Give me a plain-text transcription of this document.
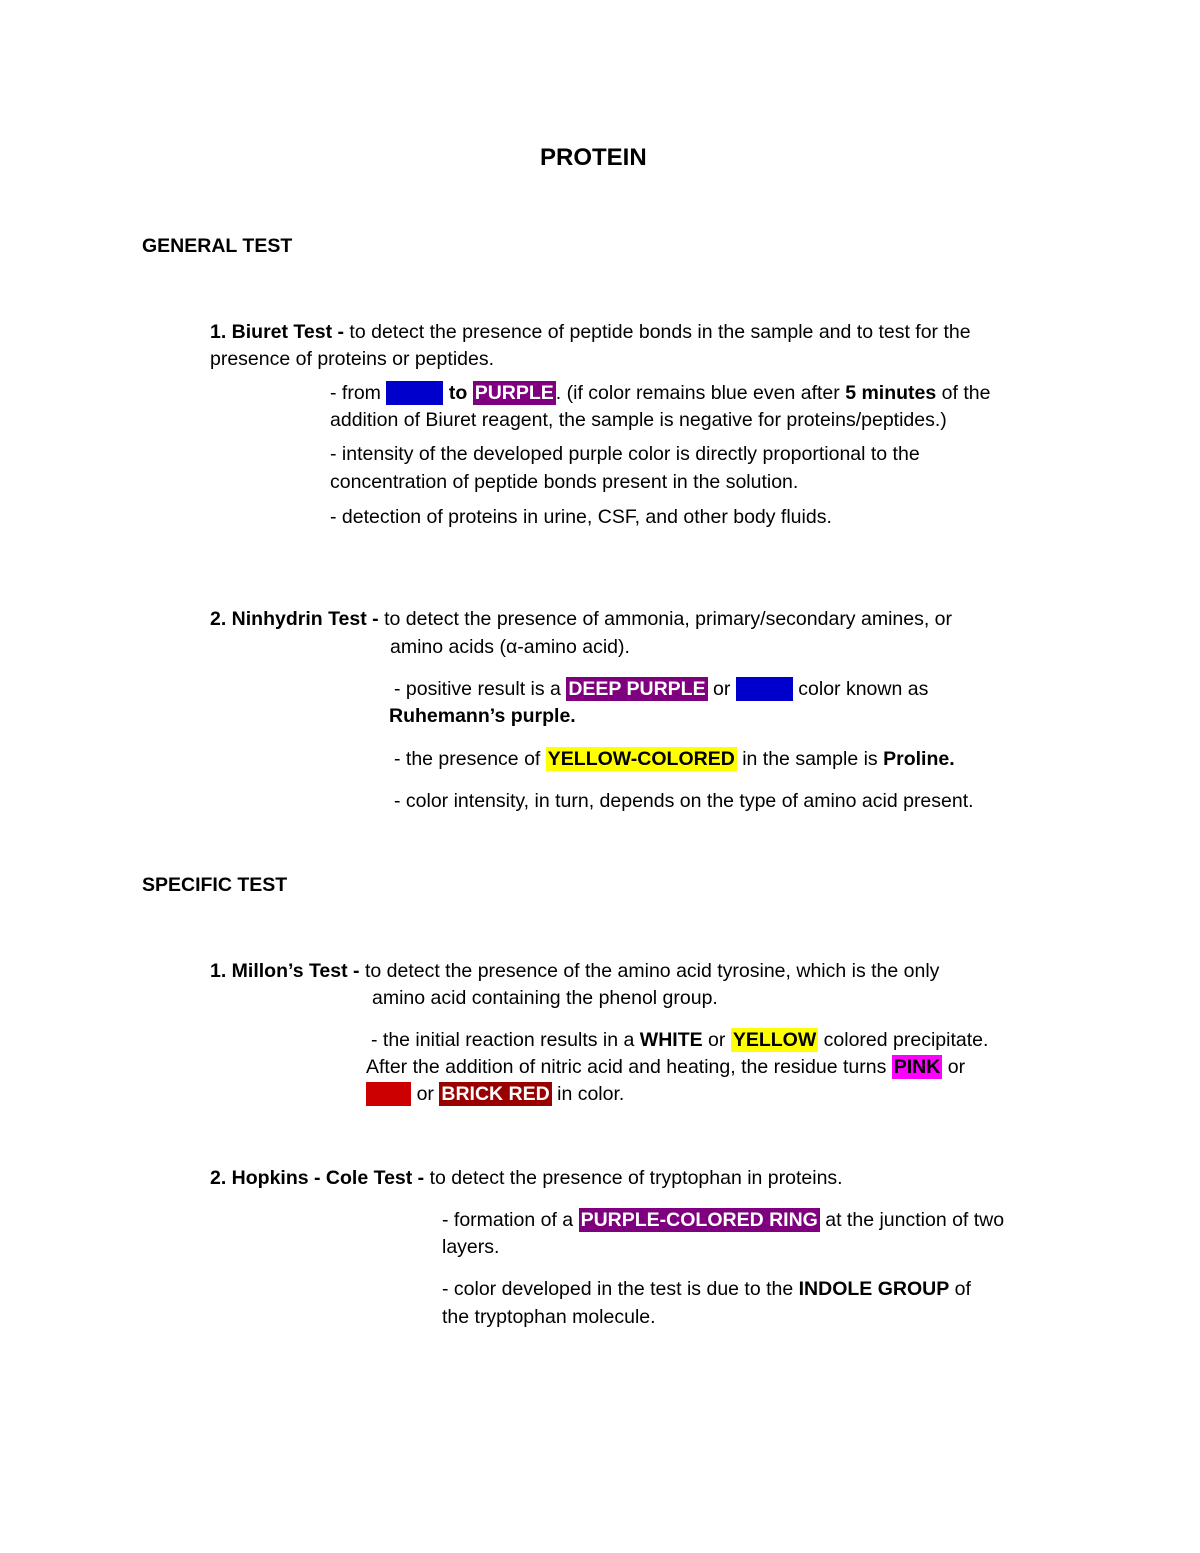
PROTEIN
GENERAL TEST
1. Biuret Test - to detect the presence of peptide bonds in the sample and to test for the
presence of proteins or peptides.
- from BLUE to PURPLE . (if color remains blue even after 5 minutes of the
addition of Biuret reagent, the sample is negative for proteins/peptides.)
- intensity of the developed purple color is directly proportional to the
concentration of peptide bonds present in the solution.
- detection of proteins in urine, CSF, and other body fluids.
2. Ninhydrin Test - to detect the presence of ammonia, primary/secondary amines, or
amino acids (α-amino acid).
- positive result is a DEEP PURPLE or BLUE color known as
Ruhemann’s purple.
- the presence of YELLOW-COLORED in the sample is Proline.
- color intensity, in turn, depends on the type of amino acid present.
SPECIFIC TEST
1. Millon’s Test - to detect the presence of the amino acid tyrosine, which is the only
amino acid containing the phenol group.
- the initial reaction results in a WHITE or YELLOW colored precipitate.
After the addition of nitric acid and heating, the residue turns PINK or
RED or BRICK RED in color.
2. Hopkins - Cole Test - to detect the presence of tryptophan in proteins.
- formation of a PURPLE-COLORED RING at the junction of two
layers.
- color developed in the test is due to the INDOLE GROUP of
the tryptophan molecule.
